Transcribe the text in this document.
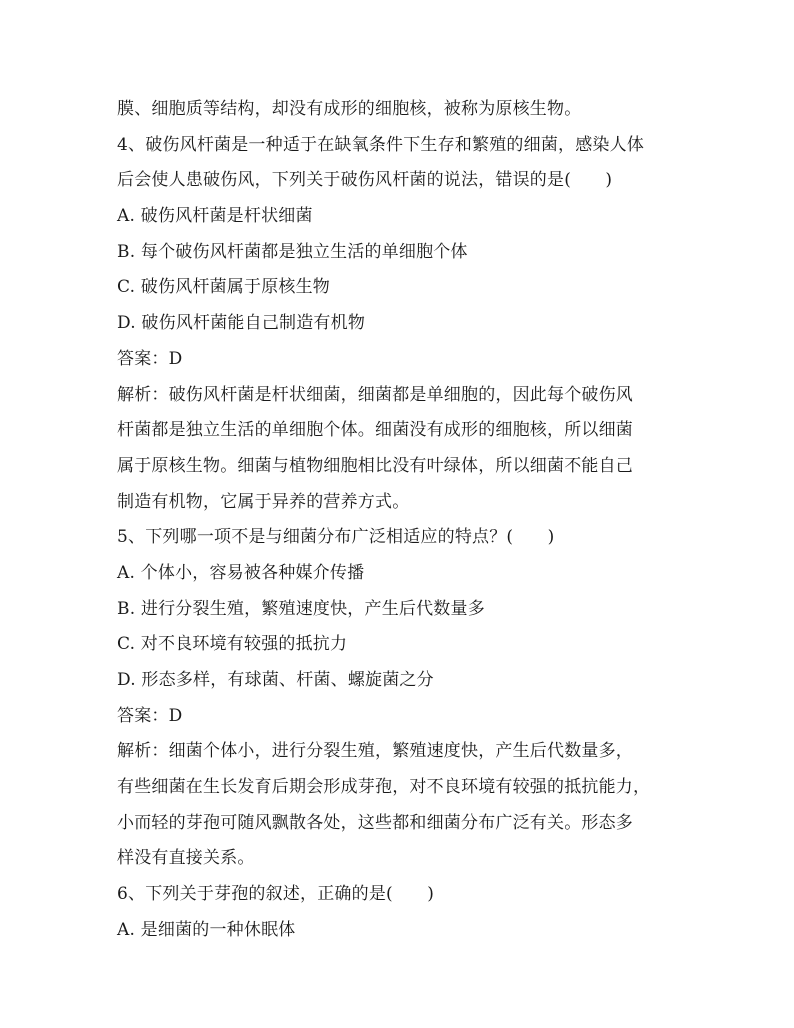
膜、细胞质等结构，却没有成形的细胞核，被称为原核生物。
4、破伤风杆菌是一种适于在缺氧条件下生存和繁殖的细菌，感染人体
后会使人患破伤风，下列关于破伤风杆菌的说法，错误的是(　　)
A. 破伤风杆菌是杆状细菌
B. 每个破伤风杆菌都是独立生活的单细胞个体
C. 破伤风杆菌属于原核生物
D. 破伤风杆菌能自己制造有机物
答案：D
解析：破伤风杆菌是杆状细菌，细菌都是单细胞的，因此每个破伤风
杆菌都是独立生活的单细胞个体。细菌没有成形的细胞核，所以细菌
属于原核生物。细菌与植物细胞相比没有叶绿体，所以细菌不能自己
制造有机物，它属于异养的营养方式。
5、下列哪一项不是与细菌分布广泛相适应的特点？(　　)
A. 个体小，容易被各种媒介传播
B. 进行分裂生殖，繁殖速度快，产生后代数量多
C. 对不良环境有较强的抵抗力
D. 形态多样，有球菌、杆菌、螺旋菌之分
答案：D
解析：细菌个体小，进行分裂生殖，繁殖速度快，产生后代数量多，
有些细菌在生长发育后期会形成芽孢，对不良环境有较强的抵抗能力，
小而轻的芽孢可随风飘散各处，这些都和细菌分布广泛有关。形态多
样没有直接关系。
6、下列关于芽孢的叙述，正确的是(　　)
A. 是细菌的一种休眠体
